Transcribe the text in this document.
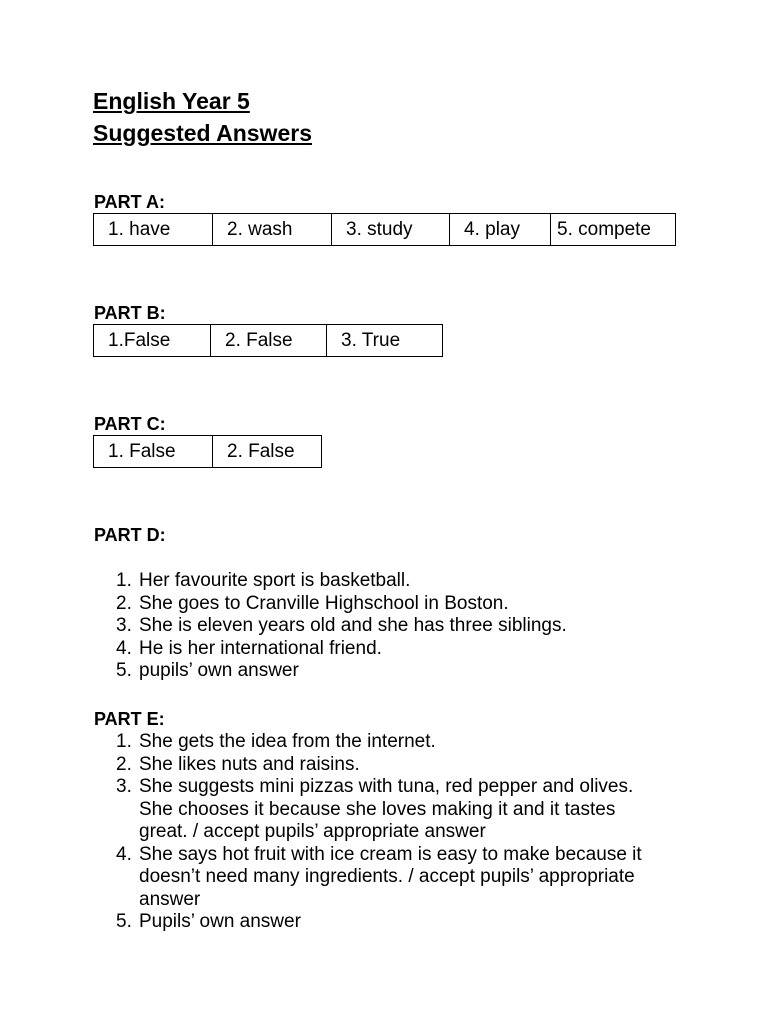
English Year 5
Suggested Answers
PART A:
1. have	2. wash	3. study	4. play	5. compete
PART B:
1.False	2. False	3. True
PART C:
1. False	2. False
PART D:
1. Her favourite sport is basketball.
2. She goes to Cranville Highschool in Boston.
3. She is eleven years old and she has three siblings.
4. He is her international friend.
5. pupils’ own answer
PART E:
1. She gets the idea from the internet.
2. She likes nuts and raisins.
3. She suggests mini pizzas with tuna, red pepper and olives. She chooses it because she loves making it and it tastes great. / accept pupils’ appropriate answer
4. She says hot fruit with ice cream is easy to make because it doesn’t need many ingredients. / accept pupils’ appropriate answer
5. Pupils’ own answer
